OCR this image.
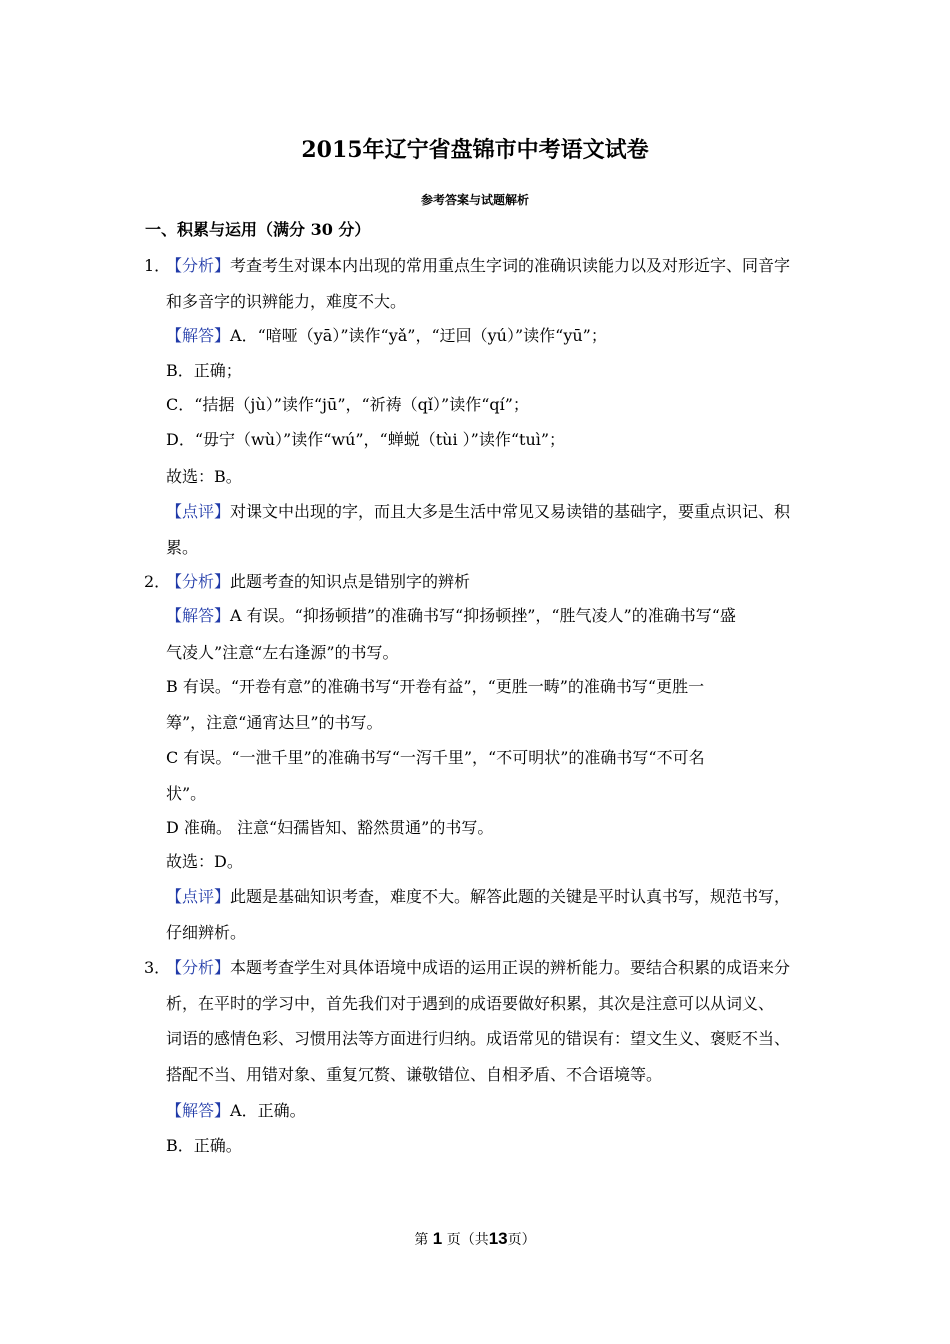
2015年辽宁省盘锦市中考语文试卷
参考答案与试题解析
一、积累与运用（满分 30 分）
1．
【分析】考查考生对课本内出现的常用重点生字词的准确识读能力以及对形近字、同音字
和多音字的识辨能力，难度不大。
【解答】A．“喑哑（yā）”读作“yǎ”，“迂回（yú）”读作“yū”；
B．正确；
C．“拮据（jù）”读作“jū”，“祈祷（qǐ）”读作“qí”；
D．“毋宁（wù）”读作“wú”，“蝉蜕（tùi ）”读作“tuì”；
故选：B。
【点评】对课文中出现的字，而且大多是生活中常见又易读错的基础字，要重点识记、积
累。
2．
【分析】此题考查的知识点是错别字的辨析
【解答】A 有误。“抑扬顿措”的准确书写“抑扬顿挫”，“胜气凌人”的准确书写“盛
气凌人”注意“左右逢源”的书写。
B 有误。“开卷有意”的准确书写“开卷有益”，“更胜一畴”的准确书写“更胜一
筹”，注意“通宵达旦”的书写。
C 有误。“一泄千里”的准确书写“一泻千里”，“不可明状”的准确书写“不可名
状”。
D 准确。 注意“妇孺皆知、豁然贯通”的书写。
故选：D。
【点评】此题是基础知识考查，难度不大。解答此题的关键是平时认真书写，规范书写，
仔细辨析。
3．
【分析】本题考查学生对具体语境中成语的运用正误的辨析能力。要结合积累的成语来分
析，在平时的学习中，首先我们对于遇到的成语要做好积累，其次是注意可以从词义、
词语的感情色彩、习惯用法等方面进行归纳。成语常见的错误有：望文生义、褒贬不当、
搭配不当、用错对象、重复冗赘、谦敬错位、自相矛盾、不合语境等。
【解答】A．正确。
B．正确。
第 1 页（共13页）
